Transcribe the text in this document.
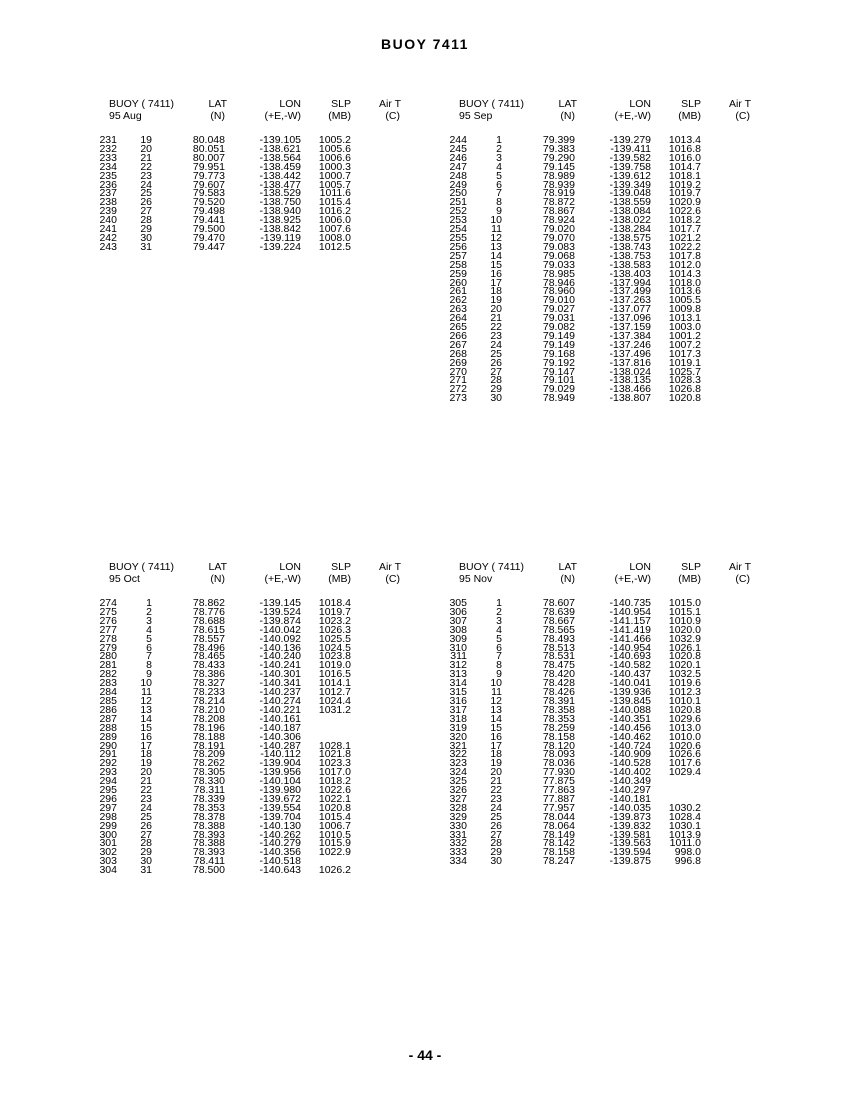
BUOY 7411
BUOY ( 7411)
95 Aug
LAT
(N)
LON
(+E,-W)
SLP
(MB)
Air T
(C)
231	19	80.048	-139.105	1005.2	
232	20	80.051	-138.621	1005.6	
233	21	80.007	-138.564	1006.6	
234	22	79.951	-138.459	1000.3	
235	23	79.773	-138.442	1000.7	
236	24	79.607	-138.477	1005.7	
237	25	79.583	-138.529	1011.6	
238	26	79.520	-138.750	1015.4	
239	27	79.498	-138.940	1016.2	
240	28	79.441	-138.925	1006.0	
241	29	79.500	-138.842	1007.6	
242	30	79.470	-139.119	1008.0	
243	31	79.447	-139.224	1012.5	
BUOY ( 7411)
95 Sep
LAT
(N)
LON
(+E,-W)
SLP
(MB)
Air T
(C)
244	1	79.399	-139.279	1013.4	
245	2	79.383	-139.411	1016.8	
246	3	79.290	-139.582	1016.0	
247	4	79.145	-139.758	1014.7	
248	5	78.989	-139.612	1018.1	
249	6	78.939	-139.349	1019.2	
250	7	78.919	-139.048	1019.7	
251	8	78.872	-138.559	1020.9	
252	9	78.867	-138.084	1022.6	
253	10	78.924	-138.022	1018.2	
254	11	79.020	-138.284	1017.7	
255	12	79.070	-138.575	1021.2	
256	13	79.083	-138.743	1022.2	
257	14	79.068	-138.753	1017.8	
258	15	79.033	-138.583	1012.0	
259	16	78.985	-138.403	1014.3	
260	17	78.946	-137.994	1018.0	
261	18	78.960	-137.499	1013.6	
262	19	79.010	-137.263	1005.5	
263	20	79.027	-137.077	1009.8	
264	21	79.031	-137.096	1013.1	
265	22	79.082	-137.159	1003.0	
266	23	79.149	-137.384	1001.2	
267	24	79.149	-137.246	1007.2	
268	25	79.168	-137.496	1017.3	
269	26	79.192	-137.816	1019.1	
270	27	79.147	-138.024	1025.7	
271	28	79.101	-138.135	1028.3	
272	29	79.029	-138.466	1026.8	
273	30	78.949	-138.807	1020.8	
BUOY ( 7411)
95 Oct
LAT
(N)
LON
(+E,-W)
SLP
(MB)
Air T
(C)
274	1	78.862	-139.145	1018.4	
275	2	78.776	-139.524	1019.7	
276	3	78.688	-139.874	1023.2	
277	4	78.615	-140.042	1026.3	
278	5	78.557	-140.092	1025.5	
279	6	78.496	-140.136	1024.5	
280	7	78.465	-140.240	1023.8	
281	8	78.433	-140.241	1019.0	
282	9	78.386	-140.301	1016.5	
283	10	78.327	-140.341	1014.1	
284	11	78.233	-140.237	1012.7	
285	12	78.214	-140.274	1024.4	
286	13	78.210	-140.221	1031.2	
287	14	78.208	-140.161		
288	15	78.196	-140.187		
289	16	78.188	-140.306		
290	17	78.191	-140.287	1028.1	
291	18	78.209	-140.112	1021.8	
292	19	78.262	-139.904	1023.3	
293	20	78.305	-139.956	1017.0	
294	21	78.330	-140.104	1018.2	
295	22	78.311	-139.980	1022.6	
296	23	78.339	-139.672	1022.1	
297	24	78.353	-139.554	1020.8	
298	25	78.378	-139.704	1015.4	
299	26	78.388	-140.130	1006.7	
300	27	78.393	-140.262	1010.5	
301	28	78.388	-140.279	1015.9	
302	29	78.393	-140.356	1022.9	
303	30	78.411	-140.518		
304	31	78.500	-140.643	1026.2	
BUOY ( 7411)
95 Nov
LAT
(N)
LON
(+E,-W)
SLP
(MB)
Air T
(C)
305	1	78.607	-140.735	1015.0	
306	2	78.639	-140.954	1015.1	
307	3	78.667	-141.157	1010.9	
308	4	78.565	-141.419	1020.0	
309	5	78.493	-141.466	1032.9	
310	6	78.513	-140.954	1026.1	
311	7	78.531	-140.693	1020.8	
312	8	78.475	-140.582	1020.1	
313	9	78.420	-140.437	1032.5	
314	10	78.428	-140.041	1019.6	
315	11	78.426	-139.936	1012.3	
316	12	78.391	-139.845	1010.1	
317	13	78.358	-140.088	1020.8	
318	14	78.353	-140.351	1029.6	
319	15	78.259	-140.456	1013.0	
320	16	78.158	-140.462	1010.0	
321	17	78.120	-140.724	1020.6	
322	18	78.093	-140.909	1026.6	
323	19	78.036	-140.528	1017.6	
324	20	77.930	-140.402	1029.4	
325	21	77.875	-140.349		
326	22	77.863	-140.297		
327	23	77.887	-140.181		
328	24	77.957	-140.035	1030.2	
329	25	78.044	-139.873	1028.4	
330	26	78.064	-139.832	1030.1	
331	27	78.149	-139.581	1013.9	
332	28	78.142	-139.563	1011.0	
333	29	78.158	-139.594	998.0	
334	30	78.247	-139.875	996.8	
- 44 -
